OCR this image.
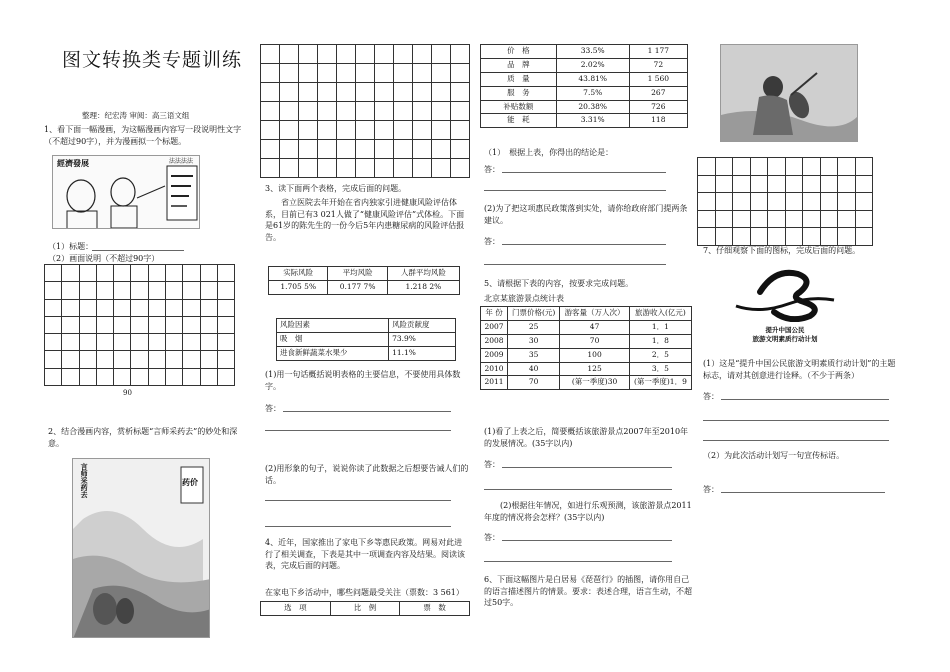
图文转换类专题训练
整理：纪宏涛 审阅：高三语文组

1、看下面一幅漫画，为这幅漫画内容写一段说明性文字（不超过90字），并为漫画拟一个标题。

經濟發展	法法法法
（1）标题：
（2）画面说明（不超过90字）

90

2、结合漫画内容，赏析标题“言师采药去”的妙处和深意。

言师采药去	药价

3、读下面两个表格，完成后面的问题。

省立医院去年开始在省内独家引进健康风险评估体系，目前已有3 021人做了“健康风险评估”式体检。下面是61岁的陈先生的一份今后5年内患糖尿病的风险评估报告。

实际风险	平均风险	人群平均风险
1.705 5%	0.177 7%	1.218 2%
风险因素	风险贡献度
吸　烟	73.9%
进食新鲜蔬菜水果少	11.1%

(1)用一句话概括说明表格的主要信息，不要使用具体数字。

答：

(2)用形象的句子，说说你读了此数据之后想要告诫人们的话。

4、近年，国家推出了家电下乡等惠民政策。网易对此进行了相关调查，下表是其中一项调查内容及结果。阅读该表，完成后面的问题。

在家电下乡活动中，哪些问题最受关注（票数：3 561）

选　项	比　例	票　数
价　格	33.5%	1 177
品　牌	2.02%	72
质　量	43.81%	1 560
服　务	7.5%	267
补贴数额	20.38%	726
能　耗	3.31%	118

（1）　根据上表，你得出的结论是：

答：

(2)为了把这项惠民政策落到实处，请你给政府部门提两条建议。

答：

5、请根据下表的内容，按要求完成问题。

北京某旅游景点统计表

年 份	门票价格(元)	游客量（万人次）	旅游收入(亿元)
2007	25	47	1．1
2008	30	70	1．8
2009	35	100	2．5
2010	40	125	3．5
2011	70	(第一季度)30	(第一季度)1．9

(1)看了上表之后，简要概括该旅游景点2007年至2010年的发展情况。(35字以内)

答：

(2)根据往年情况，如进行乐观预测，该旅游景点2011年度的情况将会怎样？(35字以内)

答：

6、下面这幅图片是白居易《琵琶行》的插图，请你用自己的语言描述图片的情景。要求：表述合理，语言生动，不超过50字。

7、仔细观察下面的图标，完成后面的问题。

提升中国公民
旅游文明素质行动计划

(1）这是“提升中国公民旅游文明素质行动计划”的主题标志，请对其创意进行诠释。（不少于两条）

答：

（2）为此次活动计划写一句宣传标语。

答：
